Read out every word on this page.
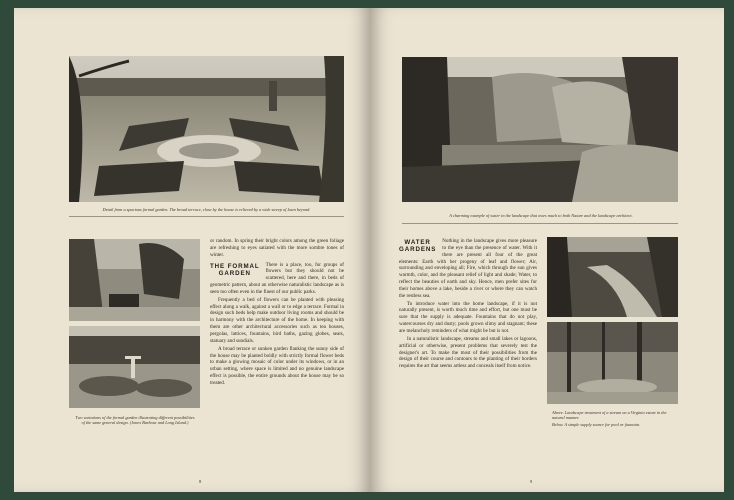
Detail from a spacious formal garden. The broad terrace, close by the house is relieved by a wide sweep of lawn beyond.
Two variations of the formal garden illustrating different possibilities of the same general design. (Jones Barbour and Long Island.)

or random. In spring their bright colors among the green foliage are refreshing to eyes satiated with the more sombre tones of winter.

THE FORMAL
GARDEN
There is a place, too, for groups of flowers but they should not be scattered, here and there, in beds of geometric pattern, about an otherwise naturalistic landscape as is seen too often even in the finest of our public parks.

Frequently a bed of flowers can be planted with pleasing effect along a walk, against a wall or to edge a terrace. Formal in design such beds help make outdoor living rooms and should be in harmony with the architecture of the home. In keeping with them are other architectural accessories such as tea houses, pergolas, lattices, fountains, bird baths, gazing globes, seats, statuary and sundials.

A broad terrace or sunken garden flanking the sunny side of the house may be planted boldly with strictly formal flower beds to make a glowing mosaic of color under its windows, or in an urban setting, where space is limited and no genuine landscape effect is possible, the entire grounds about the house may be so treated.

8
A charming example of water in the landscape that owes much to both Nature and the landscape architect.

WATER
GARDENS
Nothing in the landscape gives more pleasure to the eye than the presence of water. With it there are present all four of the great elements: Earth with her progeny of leaf and flower; Air, surrounding and enveloping all; Fire, which through the sun gives warmth, color, and the pleasant relief of light and shade; Water, to reflect the beauties of earth and sky. Hence, men prefer sites for their homes above a lake, beside a river or where they can watch the restless sea.

To introduce water into the home landscape, if it is not naturally present, is worth much time and effort, but one must be sure that the supply is adequate. Fountains that do not play, watercourses dry and dusty; pools grown slimy and stagnant; these are melancholy reminders of what might be but is not.

In a naturalistic landscape, streams and small lakes or lagoons, artificial or otherwise, present problems that severely test the designer's art. To make the most of their possibilities from the design of their course and contours to the planting of their borders requires the art that seems artless and conceals itself from notice.

Above. Landscape treatment of a stream on a Virginia estate in the natural manner.
Below. A simple supply source for pool or fountain.
9
